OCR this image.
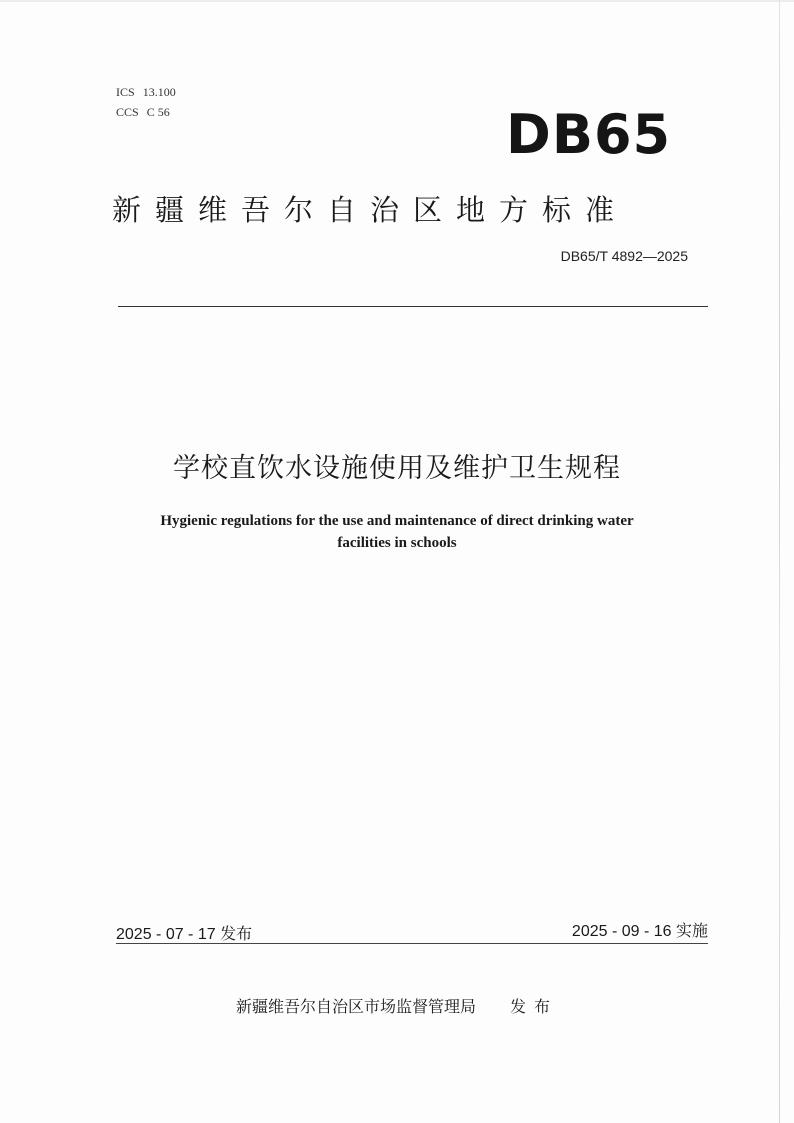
ICS 13.100
CCS C 56	DB65
新疆维吾尔自治区地方标准
DB65/T 4892—2025
学校直饮水设施使用及维护卫生规程
Hygienic regulations for the use and maintenance of direct drinking water
facilities in schools
2025 - 07 - 17 发布	2025 - 09 - 16 实施
新疆维吾尔自治区市场监督管理局 发布
